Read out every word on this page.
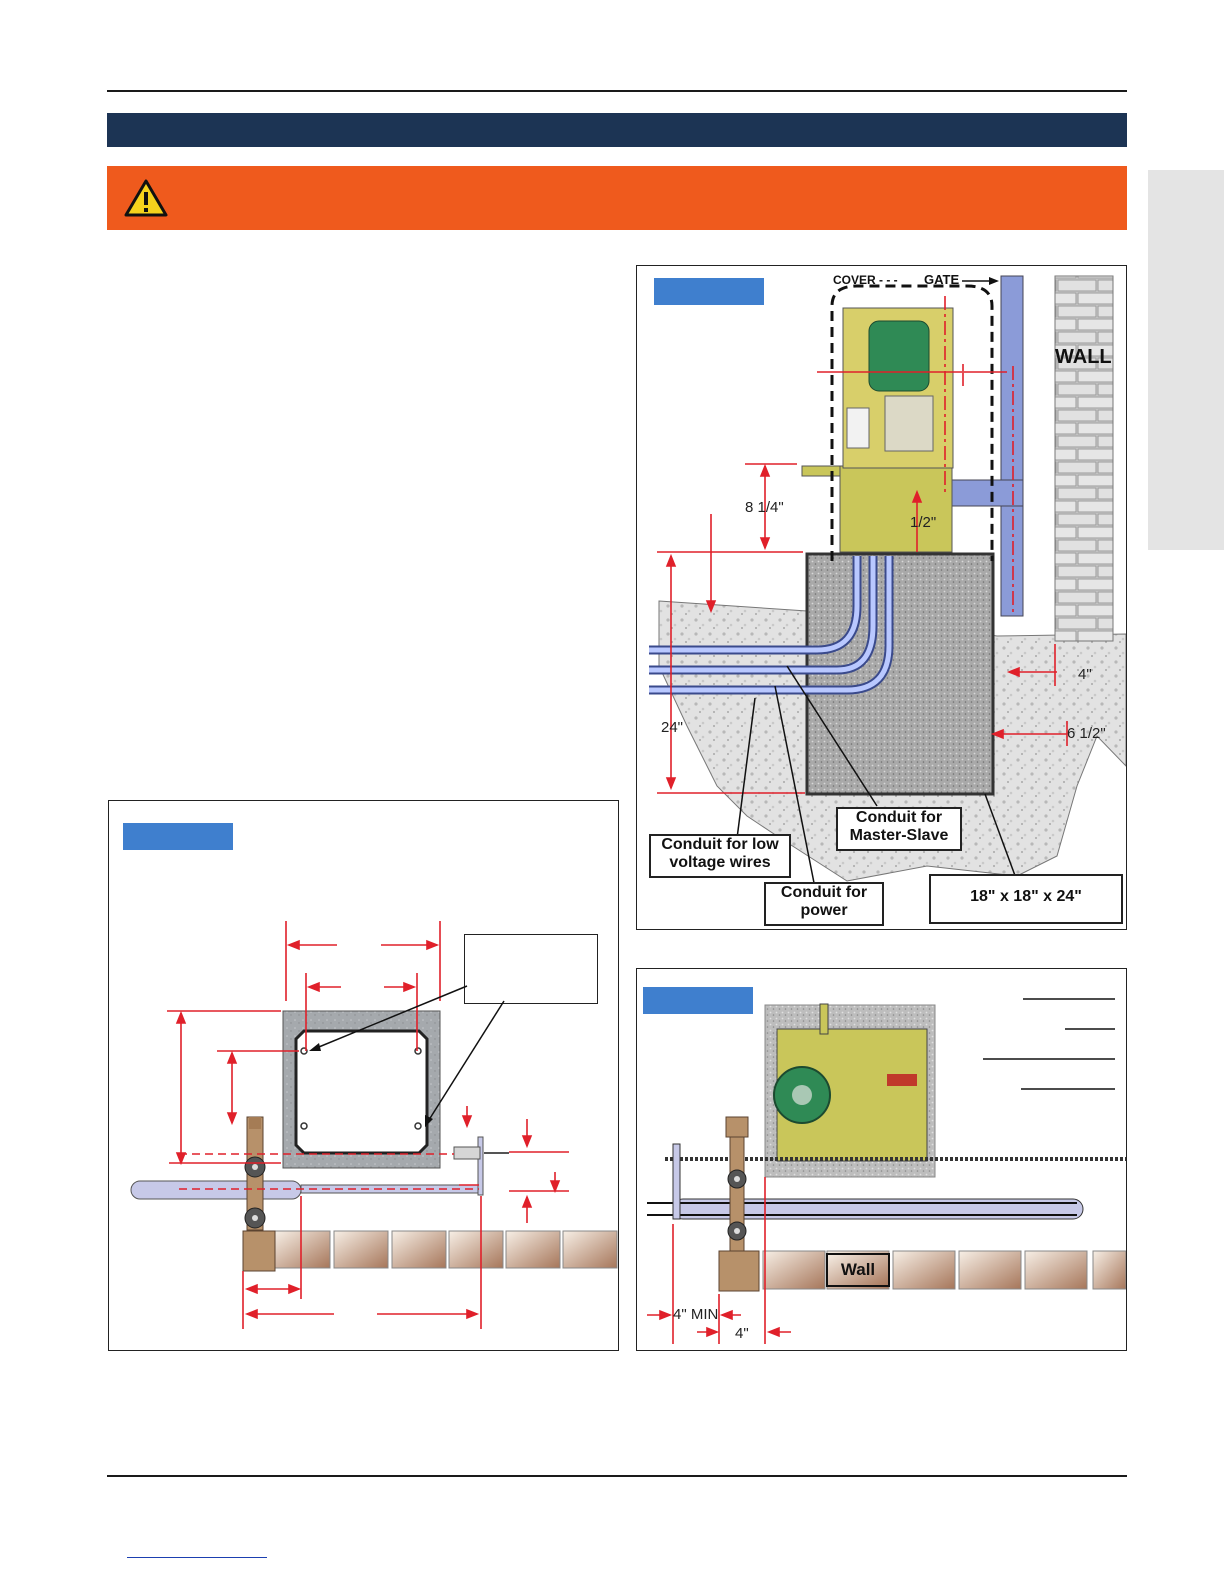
COVER - - - GATE
WALL
8 1/4"
1/2"
24"
4"
6 1/2"
Conduit for Master-Slave
Conduit for low voltage wires
Conduit for power
18" x 18" x 24"
Wall
4" MIN
4"
